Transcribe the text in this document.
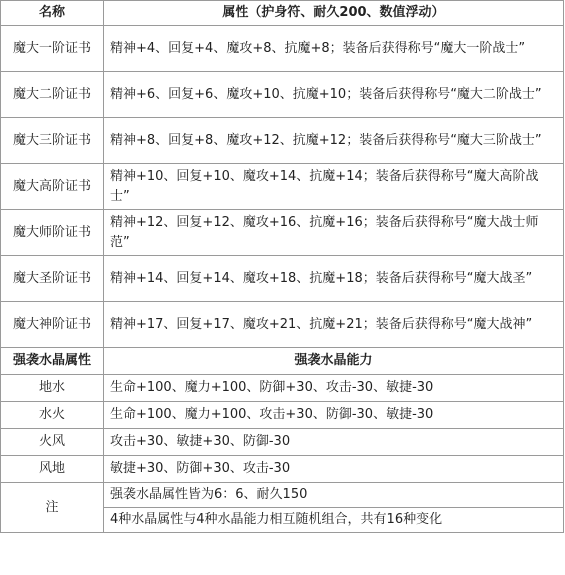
名称	属性（护身符、耐久200、数值浮动）
魔大一阶证书	精神+4、回复+4、魔攻+8、抗魔+8；装备后获得称号“魔大一阶战士”
魔大二阶证书	精神+6、回复+6、魔攻+10、抗魔+10；装备后获得称号“魔大二阶战士”
魔大三阶证书	精神+8、回复+8、魔攻+12、抗魔+12；装备后获得称号“魔大三阶战士”
魔大高阶证书	精神+10、回复+10、魔攻+14、抗魔+14；装备后获得称号“魔大高阶战士”
魔大师阶证书	精神+12、回复+12、魔攻+16、抗魔+16；装备后获得称号“魔大战士师范”
魔大圣阶证书	精神+14、回复+14、魔攻+18、抗魔+18；装备后获得称号“魔大战圣”
魔大神阶证书	精神+17、回复+17、魔攻+21、抗魔+21；装备后获得称号“魔大战神”
强袭水晶属性	强袭水晶能力
地水	生命+100、魔力+100、防御+30、攻击-30、敏捷-30
水火	生命+100、魔力+100、攻击+30、防御-30、敏捷-30
火风	攻击+30、敏捷+30、防御-30
风地	敏捷+30、防御+30、攻击-30
注	强袭水晶属性皆为6：6、耐久150
	4种水晶属性与4种水晶能力相互随机组合，共有16种变化
